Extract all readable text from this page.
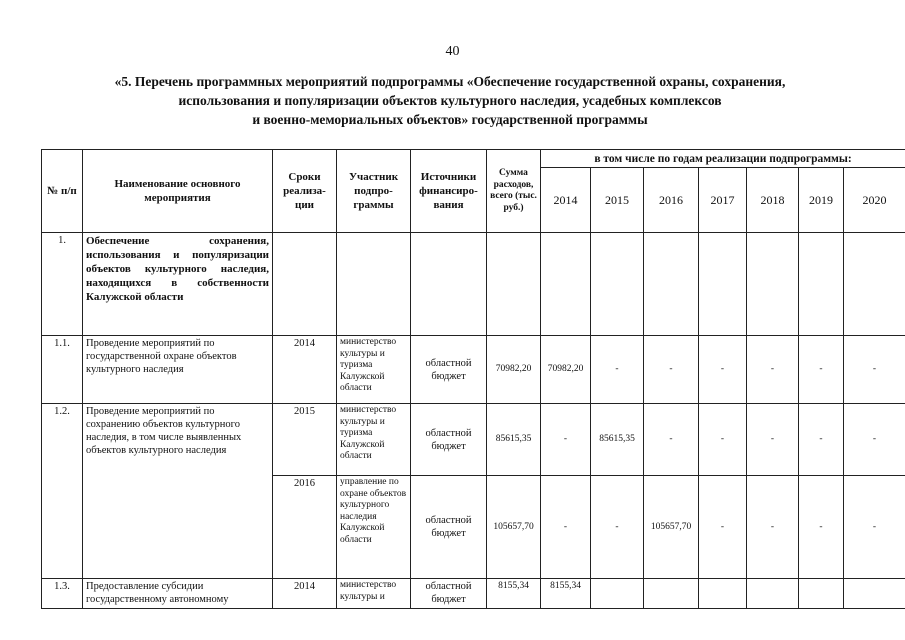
40
«5. Перечень программных мероприятий подпрограммы «Обеспечение государственной охраны, сохранения,
использования и популяризации объектов культурного наследия, усадебных комплексов
и военно-мемориальных объектов» государственной программы
№ п/п	Наименование основного мероприятия	Сроки реализа-ции	Участник подпро-граммы	Источники финансиро-вания	Сумма расходов, всего (тыс. руб.)	в том числе по годам реализации подпрограммы:						
						2014	2015	2016	2017	2018	2019	2020
1.	Обеспечение сохранения, использования и популяризации объектов культурного наследия, находящихся в собственности Калужской области											
1.1.	Проведение мероприятий по государственной охране объектов культурного наследия	2014	министерство культуры и туризма Калужской области	областной бюджет	70982,20	70982,20	-	-	-	-	-	-
1.2.	Проведение мероприятий по сохранению объектов культурного наследия, в том числе выявленных объектов культурного наследия	2015	министерство культуры и туризма Калужской области	областной бюджет	85615,35	-	85615,35	-	-	-	-	-
		2016	управление по охране объектов культурного наследия Калужской области	областной бюджет	105657,70	-	-	105657,70	-	-	-	-
1.3.	Предоставление субсидии государственному автономному	2014	министерство культуры и	областной бюджет	8155,34	8155,34						
